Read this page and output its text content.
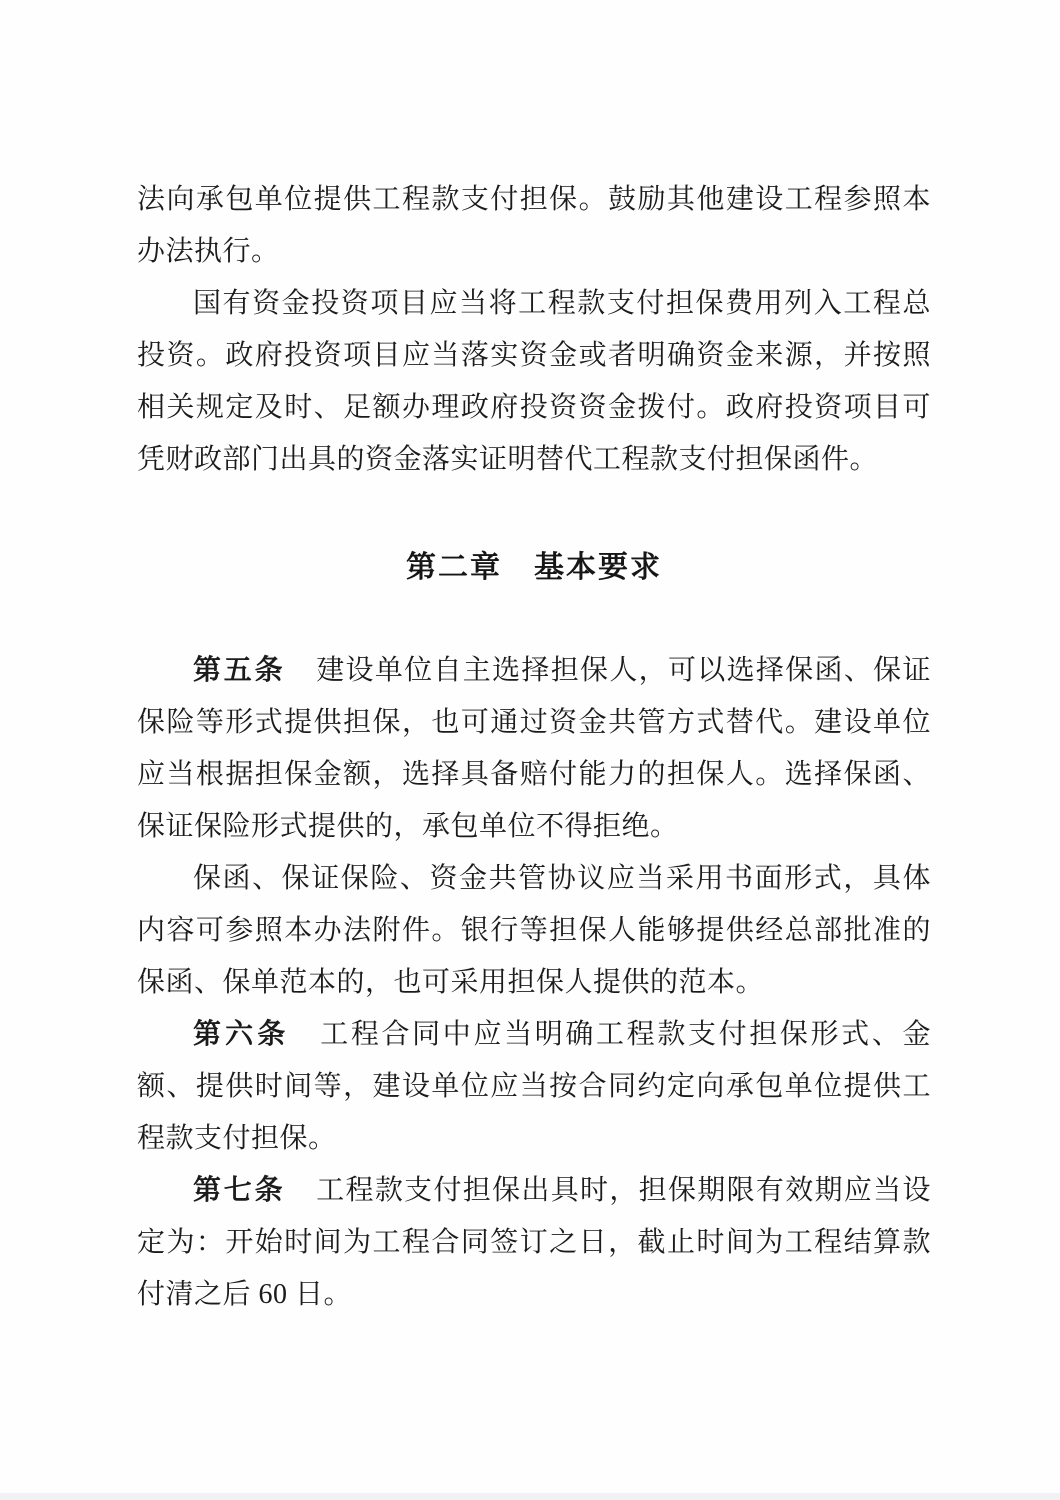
法向承包单位提供工程款支付担保。鼓励其他建设工程参照本办法执行。

国有资金投资项目应当将工程款支付担保费用列入工程总投资。政府投资项目应当落实资金或者明确资金来源，并按照相关规定及时、足额办理政府投资资金拨付。政府投资项目可凭财政部门出具的资金落实证明替代工程款支付担保函件。

第二章　基本要求

第五条 建设单位自主选择担保人，可以选择保函、保证保险等形式提供担保，也可通过资金共管方式替代。建设单位应当根据担保金额，选择具备赔付能力的担保人。选择保函、保证保险形式提供的，承包单位不得拒绝。

保函、保证保险、资金共管协议应当采用书面形式，具体内容可参照本办法附件。银行等担保人能够提供经总部批准的保函、保单范本的，也可采用担保人提供的范本。

第六条 工程合同中应当明确工程款支付担保形式、金额、提供时间等，建设单位应当按合同约定向承包单位提供工程款支付担保。

第七条 工程款支付担保出具时，担保期限有效期应当设定为：开始时间为工程合同签订之日，截止时间为工程结算款付清之后 60 日。
